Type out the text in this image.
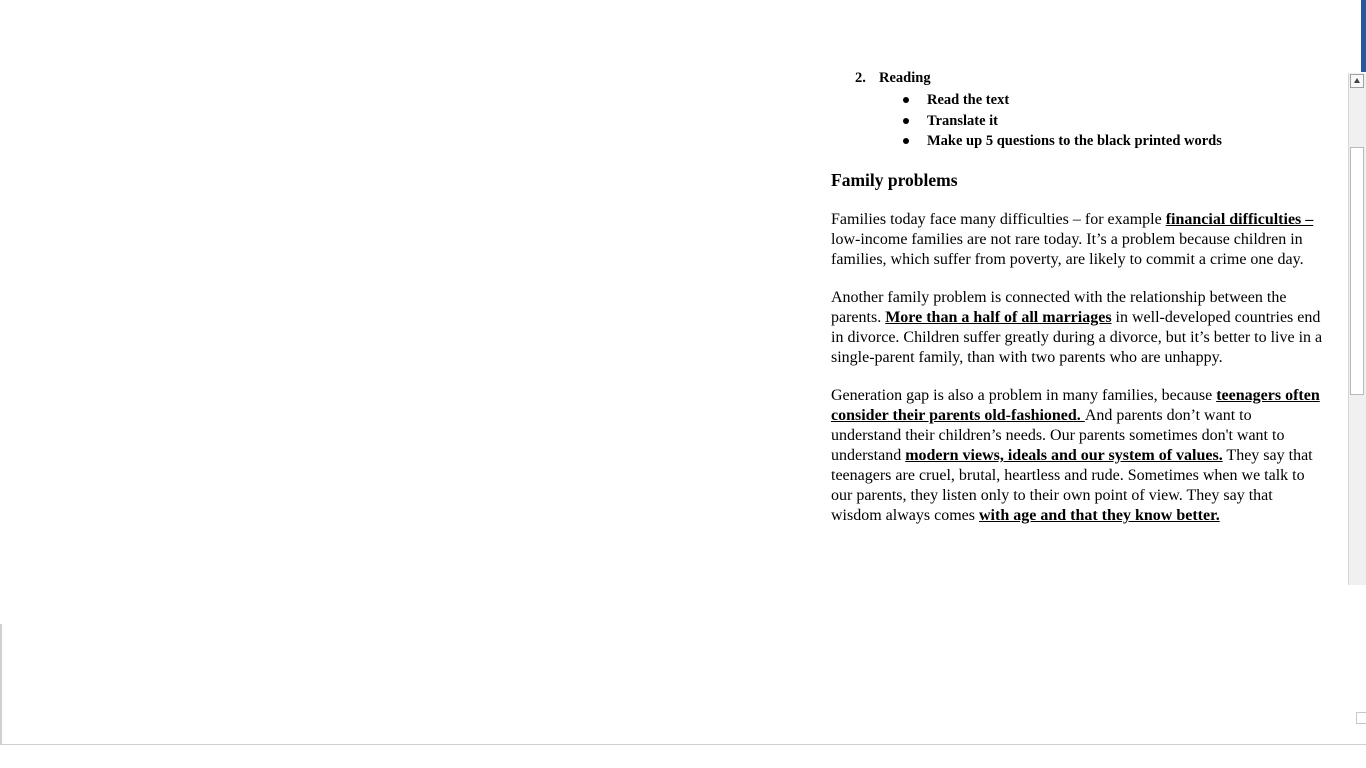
2. Reading
Read the text
Translate it
Make up 5 questions to the black printed words
Family problems

Families today face many difficulties – for example financial difficulties – low-income families are not rare today. It’s a problem because children in families, which suffer from poverty, are likely to commit a crime one day.

Another family problem is connected with the relationship between the parents. More than a half of all marriages in well-developed countries end in divorce. Children suffer greatly during a divorce, but it’s better to live in a single-parent family, than with two parents who are unhappy.

Generation gap is also a problem in many families, because teenagers often consider their parents old-fashioned. And parents don’t want to understand their children’s needs. Our parents sometimes don't want to understand modern views, ideals and our system of values. They say that teenagers are cruel, brutal, heartless and rude. Sometimes when we talk to our parents, they listen only to their own point of view. They say that wisdom always comes with age and that they know better.
